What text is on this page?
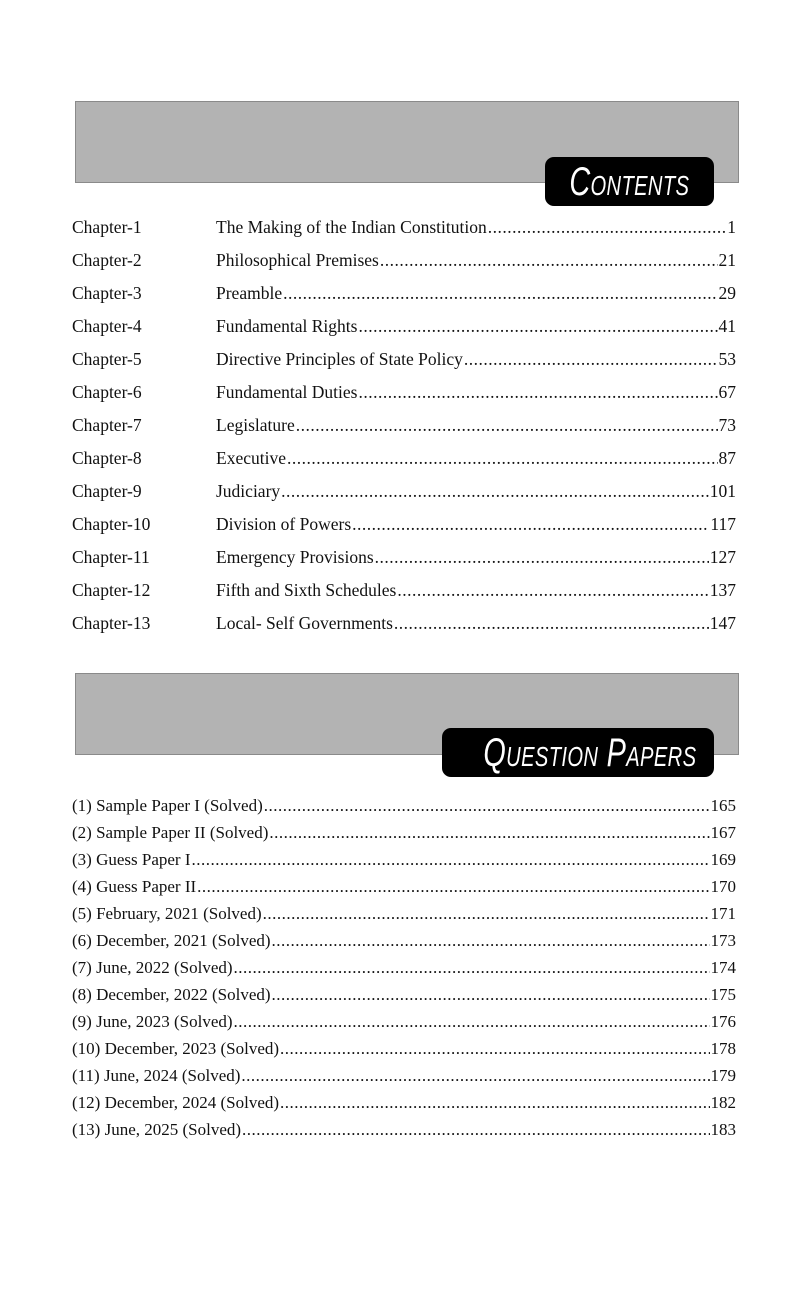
Contents
Chapter-1	The Making of the Indian Constitution .....	1
Chapter-2	Philosophical Premises .....	21
Chapter-3	Preamble .....	29
Chapter-4	Fundamental Rights .....	41
Chapter-5	Directive Principles of State Policy .....	53
Chapter-6	Fundamental Duties .....	67
Chapter-7	Legislature .....	73
Chapter-8	Executive .....	87
Chapter-9	Judiciary .....	101
Chapter-10	Division of Powers .....	117
Chapter-11	Emergency Provisions .....	127
Chapter-12	Fifth and Sixth Schedules .....	137
Chapter-13	Local- Self Governments .....	147
Question Papers
(1) Sample Paper I (Solved) .....	165
(2) Sample Paper II (Solved) .....	167
(3) Guess Paper I .....	169
(4) Guess Paper II .....	170
(5) February, 2021 (Solved) .....	171
(6) December, 2021 (Solved) .....	173
(7) June, 2022 (Solved) .....	174
(8) December, 2022 (Solved) .....	175
(9) June, 2023 (Solved) .....	176
(10) December, 2023 (Solved) .....	178
(11) June, 2024 (Solved) .....	179
(12) December, 2024 (Solved) .....	182
(13) June, 2025 (Solved) .....	183
